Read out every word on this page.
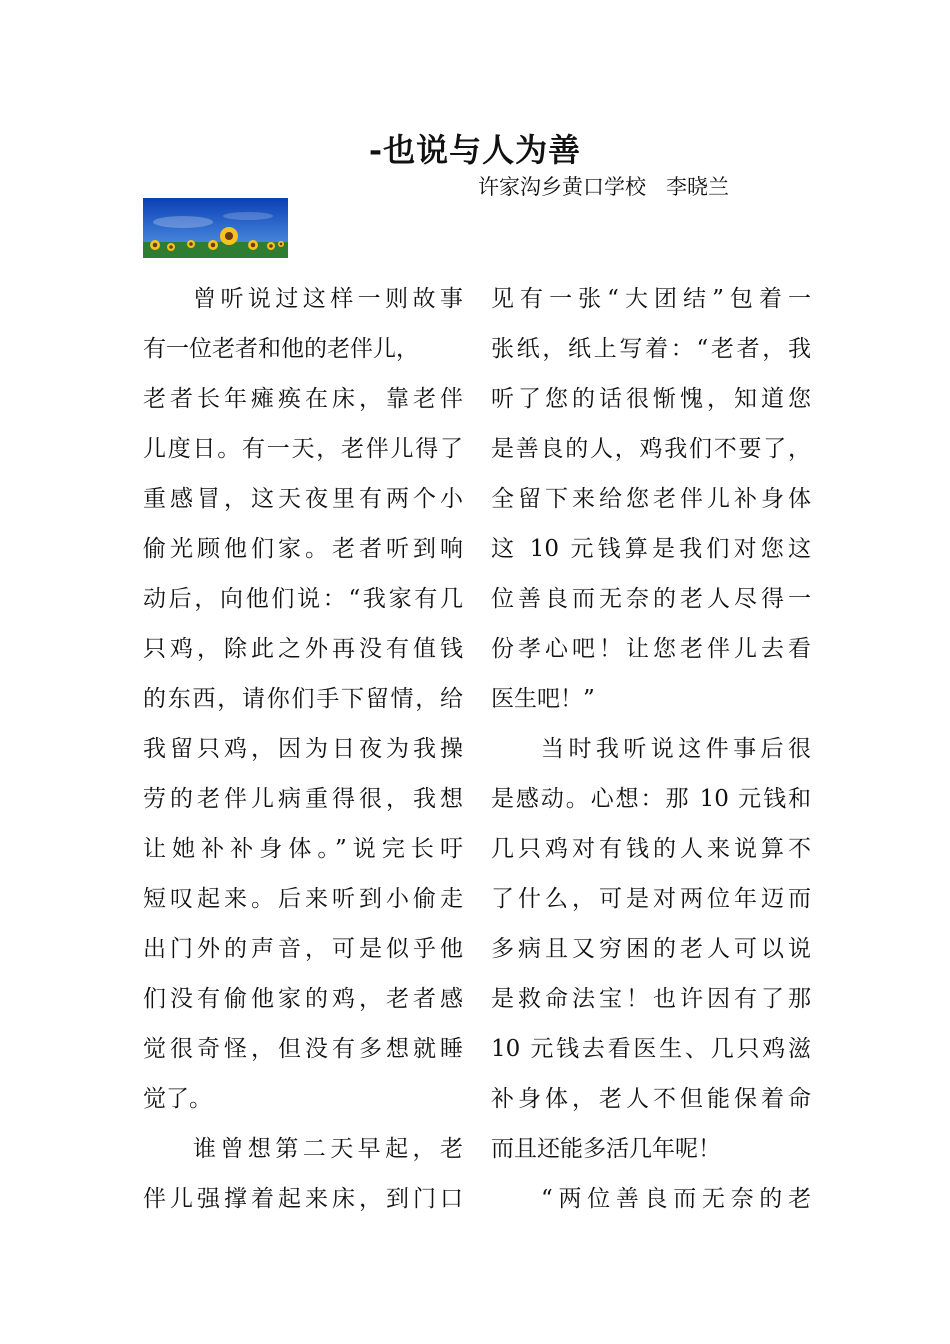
-也说与人为善
许家沟乡黄口学校   李晓兰
曾听说过这样一则故事
有一位老者和他的老伴儿，
老者长年瘫痪在床，靠老伴
儿度日。有一天，老伴儿得了
重感冒，这天夜里有两个小
偷光顾他们家。老者听到响
动后，向他们说：“我家有几
只鸡，除此之外再没有值钱
的东西，请你们手下留情，给
我留只鸡，因为日夜为我操
劳的老伴儿病重得很，我想
让她补补身体。”说完长吁
短叹起来。后来听到小偷走
出门外的声音，可是似乎他
们没有偷他家的鸡，老者感
觉很奇怪，但没有多想就睡
觉了。
谁曾想第二天早起，老
伴儿强撑着起来床，到门口
见有一张“大团结”包着一
张纸，纸上写着：“老者，我
听了您的话很惭愧，知道您
是善良的人，鸡我们不要了，
全留下来给您老伴儿补身体
这 10 元钱算是我们对您这
位善良而无奈的老人尽得一
份孝心吧！让您老伴儿去看
医生吧！”
当时我听说这件事后很
是感动。心想：那 10 元钱和
几只鸡对有钱的人来说算不
了什么，可是对两位年迈而
多病且又穷困的老人可以说
是救命法宝！也许因有了那
10 元钱去看医生、几只鸡滋
补身体，老人不但能保着命
而且还能多活几年呢！
“两位善良而无奈的老
